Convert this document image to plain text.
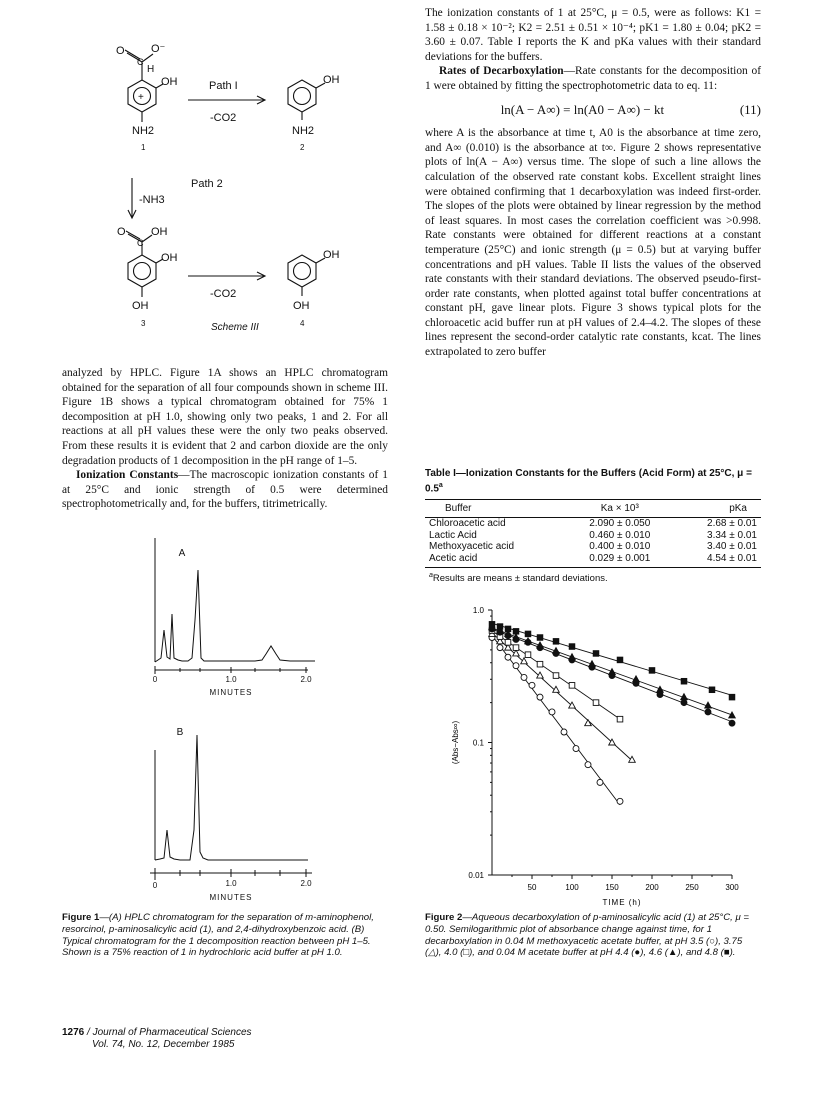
O O⁻
C
H
OH
+
NH2
1
Path I
-CO2
OH
NH2
2
Path 2
-NH3
O OH
C
OH
OH
3
-CO2
OH
OH
4
Scheme III

analyzed by HPLC. Figure 1A shows an HPLC chromatogram obtained for the separation of all four compounds shown in scheme III. Figure 1B shows a typical chromatogram obtained for 75% 1 decomposition at pH 1.0, showing only two peaks, 1 and 2. For all reactions at all pH values these were the only two peaks observed. From these results it is evident that 2 and carbon dioxide are the only degradation products of 1 decomposition in the pH range of 1–5.

Ionization Constants—The macroscopic ionization constants of 1 at 25°C and ionic strength of 0.5 were determined spectrophotometrically and, for the buffers, titrimetrically.

A
0	1.0	2.0
MINUTES
B
0	1.0	2.0
MINUTES
Figure 1—(A) HPLC chromatogram for the separation of m-aminophenol, resorcinol, p-aminosalicylic acid (1), and 2,4-dihydroxybenzoic acid. (B) Typical chromatogram for the 1 decomposition reaction between pH 1–5. Shown is a 75% reaction of 1 in hydrochloric acid buffer at pH 1.0.
1276 / Journal of Pharmaceutical Sciences
Vol. 74, No. 12, December 1985

The ionization constants of 1 at 25°C, μ = 0.5, were as follows: K1 = 1.58 ± 0.18 × 10⁻²; K2 = 2.51 ± 0.51 × 10⁻⁴; pK1 = 1.80 ± 0.04; pK2 = 3.60 ± 0.07. Table I reports the K and pKa values with their standard deviations for the buffers.

Rates of Decarboxylation—Rate constants for the decomposition of 1 were obtained by fitting the spectrophotometric data to eq. 11:

ln(A − A∞) = ln(A0 − A∞) − kt	(11)

where A is the absorbance at time t, A0 is the absorbance at time zero, and A∞ (0.010) is the absorbance at t∞. Figure 2 shows representative plots of ln(A − A∞) versus time. The slope of such a line allows the calculation of the observed rate constant kobs. Excellent straight lines were obtained confirming that 1 decarboxylation was indeed first-order. The slopes of the plots were obtained by linear regression by the method of least squares. In most cases the correlation coefficient was >0.998. Rate constants were obtained for different reactions at a constant temperature (25°C) and ionic strength (μ = 0.5) but at varying buffer concentrations and pH values. Table II lists the values of the observed rate constants with their standard deviations. The observed pseudo-first-order rate constants, when plotted against total buffer concentrations at constant pH, gave linear plots. Figure 3 shows typical plots for the chloroacetic acid buffer run at pH values of 2.4–4.2. The slopes of these lines represent the second-order catalytic rate constants, kcat. The lines extrapolated to zero buffer

Table I—Ionization Constants for the Buffers (Acid Form) at 25°C, μ = 0.5$^a$
Buffer	Ka × 10³	pKa
Chloroacetic acid	2.090 ± 0.050	2.68 ± 0.01
Lactic Acid	0.460 ± 0.010	3.34 ± 0.01
Methoxyacetic acid	0.400 ± 0.010	3.40 ± 0.01
Acetic acid	0.029 ± 0.001	4.54 ± 0.01
$^a$Results are means ± standard deviations.
50	100	150	200	250	300
1.0
0.1
0.01
TIME (h)
(Abs−Abs∞)
Figure 2—Aqueous decarboxylation of p-aminosalicylic acid (1) at 25°C, μ = 0.50. Semilogarithmic plot of absorbance change against time, for 1 decarboxylation in 0.04 M methoxyacetic acetate buffer, at pH 3.5 (○), 3.75 (△), 4.0 (□), and 0.04 M acetate buffer at pH 4.4 (●), 4.6 (▲), and 4.8 (■).
